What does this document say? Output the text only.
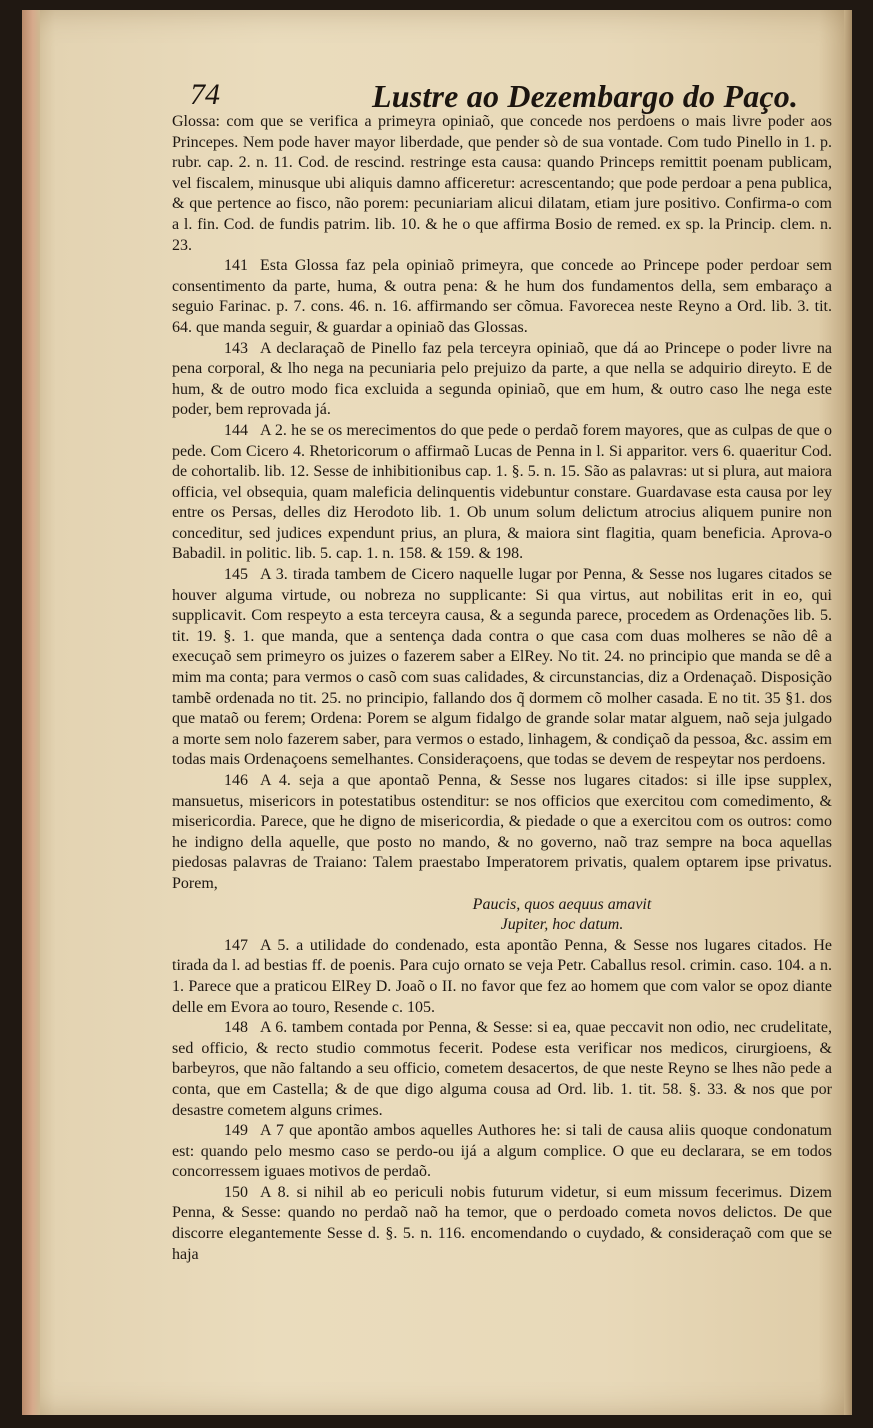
74	Lustre ao Dezembargo do Paço.

Glossa: com que se verifica a primeyra opiniaõ, que concede nos perdoens o mais livre poder aos Princepes. Nem pode haver mayor liberdade, que pender sò de sua vontade. Com tudo Pinello in 1. p. rubr. cap. 2. n. 11. Cod. de rescind. restringe esta causa: quando Princeps remittit poenam publicam, vel fiscalem, minusque ubi aliquis damno afficeretur: acrescentando; que pode perdoar a pena publica, & que pertence ao fisco, não porem: pecuniariam alicui dilatam, etiam jure positivo. Confirma-o com a l. fin. Cod. de fundis patrim. lib. 10. & he o que affirma Bosio de remed. ex sp. la Princip. clem. n. 23.

141 Esta Glossa faz pela opiniaõ primeyra, que concede ao Princepe poder perdoar sem consentimento da parte, huma, & outra pena: & he hum dos fundamentos della, sem embaraço a seguio Farinac. p. 7. cons. 46. n. 16. affirmando ser cõmua. Favorecea neste Reyno a Ord. lib. 3. tit. 64. que manda seguir, & guardar a opiniaõ das Glossas.

143 A declaraçaõ de Pinello faz pela terceyra opiniaõ, que dá ao Princepe o poder livre na pena corporal, & lho nega na pecuniaria pelo prejuizo da parte, a que nella se adquirio direyto. E de hum, & de outro modo fica excluida a segunda opiniaõ, que em hum, & outro caso lhe nega este poder, bem reprovada já.

144 A 2. he se os merecimentos do que pede o perdaõ forem mayores, que as culpas de que o pede. Com Cicero 4. Rhetoricorum o affirmaõ Lucas de Penna in l. Si apparitor. vers 6. quaeritur Cod. de cohortalib. lib. 12. Sesse de inhibitionibus cap. 1. §. 5. n. 15. São as palavras: ut si plura, aut maiora officia, vel obsequia, quam maleficia delinquentis videbuntur constare. Guardavase esta causa por ley entre os Persas, delles diz Herodoto lib. 1. Ob unum solum delictum atrocius aliquem punire non conceditur, sed judices expendunt prius, an plura, & maiora sint flagitia, quam beneficia. Aprova-o Babadil. in politic. lib. 5. cap. 1. n. 158. & 159. & 198.

145 A 3. tirada tambem de Cicero naquelle lugar por Penna, & Sesse nos lugares citados se houver alguma virtude, ou nobreza no supplicante: Si qua virtus, aut nobilitas erit in eo, qui supplicavit. Com respeyto a esta terceyra causa, & a segunda parece, procedem as Ordenações lib. 5. tit. 19. §. 1. que manda, que a sentença dada contra o que casa com duas molheres se não dê a execuçaõ sem primeyro os juizes o fazerem saber a ElRey. No tit. 24. no principio que manda se dê a mim ma conta; para vermos o casõ com suas calidades, & circunstancias, diz a Ordenaçaõ. Disposição tambẽ ordenada no tit. 25. no principio, fallando dos q̃ dormem cõ molher casada. E no tit. 35 §1. dos que mataõ ou ferem; Ordena: Porem se algum fidalgo de grande solar matar alguem, naõ seja julgado a morte sem nolo fazerem saber, para vermos o estado, linhagem, & condiçaõ da pessoa, &c. assim em todas mais Ordenaçoens semelhantes. Consideraçoens, que todas se devem de respeytar nos perdoens.

146 A 4. seja a que apontaõ Penna, & Sesse nos lugares citados: si ille ipse supplex, mansuetus, misericors in potestatibus ostenditur: se nos officios que exercitou com comedimento, & misericordia. Parece, que he digno de misericordia, & piedade o que a exercitou com os outros: como he indigno della aquelle, que posto no mando, & no governo, naõ traz sempre na boca aquellas piedosas palavras de Traiano: Talem praestabo Imperatorem privatis, qualem optarem ipse privatus. Porem,

Paucis, quos aequus amavit

Jupiter, hoc datum.

147 A 5. a utilidade do condenado, esta apontão Penna, & Sesse nos lugares citados. He tirada da l. ad bestias ff. de poenis. Para cujo ornato se veja Petr. Caballus resol. crimin. caso. 104. a n. 1. Parece que a praticou ElRey D. Joaõ o II. no favor que fez ao homem que com valor se opoz diante delle em Evora ao touro, Resende c. 105.

148 A 6. tambem contada por Penna, & Sesse: si ea, quae peccavit non odio, nec crudelitate, sed officio, & recto studio commotus fecerit. Podese esta verificar nos medicos, cirurgioens, & barbeyros, que não faltando a seu officio, cometem desacertos, de que neste Reyno se lhes não pede a conta, que em Castella; & de que digo alguma cousa ad Ord. lib. 1. tit. 58. §. 33. & nos que por desastre cometem alguns crimes.

149 A 7 que apontão ambos aquelles Authores he: si tali de causa aliis quoque condonatum est: quando pelo mesmo caso se perdo-ou ijá a algum complice. O que eu declarara, se em todos concorressem iguaes motivos de perdaõ.

150 A 8. si nihil ab eo periculi nobis futurum videtur, si eum missum fecerimus. Dizem Penna, & Sesse: quando no perdaõ naõ ha temor, que o perdoado cometa novos delictos. De que discorre elegantemente Sesse d. §. 5. n. 116. encomendando o cuydado, & consideraçaõ com que se haja
